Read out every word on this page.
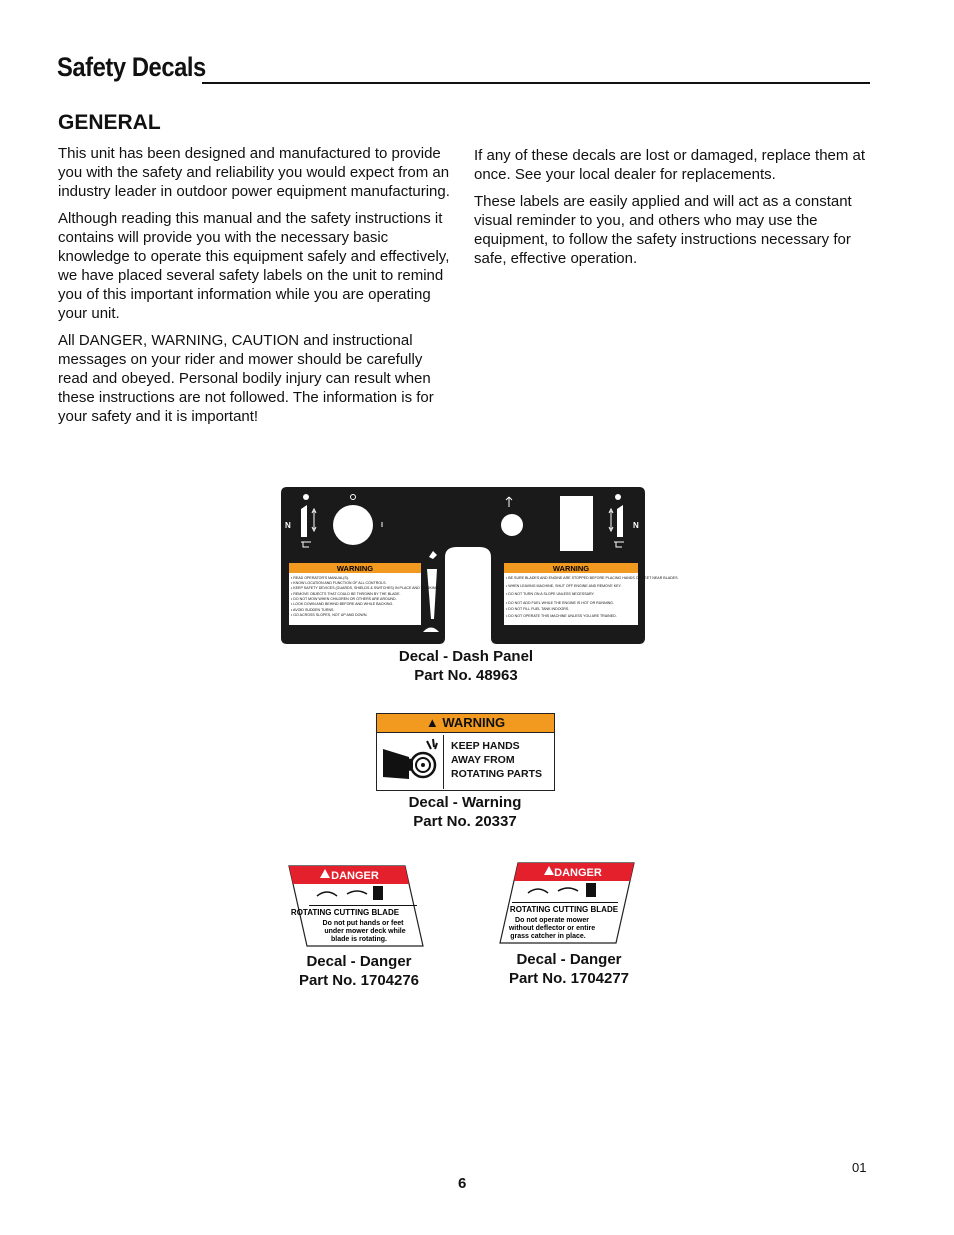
Safety Decals
GENERAL

This unit has been designed and manufactured to provide you with the safety and reliability you would expect from an industry leader in outdoor power equipment manufacturing.

Although reading this manual and the safety instructions it contains will provide you with the necessary basic knowledge to operate this equipment safely and effectively, we have placed several safety labels on the unit to remind you of this important information while you are operating your unit.

All DANGER, WARNING, CAUTION and instructional messages on your rider and mower should be carefully read and obeyed. Personal bodily injury can result when these instructions are not followed. The information is for your safety and it is important!

If any of these decals are lost or damaged, replace them at once. See your local dealer for replacements.

These labels are easily applied and will act as a constant visual reminder to you, and others who may use the equipment, to follow the safety instructions necessary for safe, effective operation.

N
WARNING
• READ OPERATOR'S MANUAL(S).
• KNOW LOCATION AND FUNCTION OF ALL CONTROLS.
• KEEP SAFETY DEVICES (GUARDS, SHIELDS & SWITCHES) IN PLACE AND WORKING.
• REMOVE OBJECTS THAT COULD BE THROWN BY THE BLADE.
• DO NOT MOW WHEN CHILDREN OR OTHERS ARE AROUND.
• LOOK DOWN AND BEHIND BEFORE AND WHILE BACKING.
• AVOID SUDDEN TURNS.
• GO ACROSS SLOPES, NOT UP AND DOWN.
N
WARNING
• BE SURE BLADES AND ENGINE ARE STOPPED BEFORE PLACING HANDS OR FEET NEAR BLADES.
• WHEN LEAVING MACHINE, SHUT OFF ENGINE AND REMOVE KEY.
• DO NOT TURN ON A SLOPE UNLESS NECESSARY.
• DO NOT ADD FUEL WHILE THE ENGINE IS HOT OR RUNNING.
• DO NOT FILL FUEL TANK INDOORS.
• DO NOT OPERATE THIS MACHINE UNLESS YOU ARE TRAINED.
Decal - Dash Panel
Part No. 48963
▲ WARNING
KEEP HANDS
AWAY FROM
ROTATING PARTS
Decal - Warning
Part No. 20337
DANGER
ROTATING CUTTING BLADE
Do not put hands or feet
under mower deck while
blade is rotating.
Decal - Danger
Part No. 1704276
DANGER
ROTATING CUTTING BLADE
Do not operate mower
without deflector or entire
grass catcher in place.
Decal - Danger
Part No. 1704277
01
6
